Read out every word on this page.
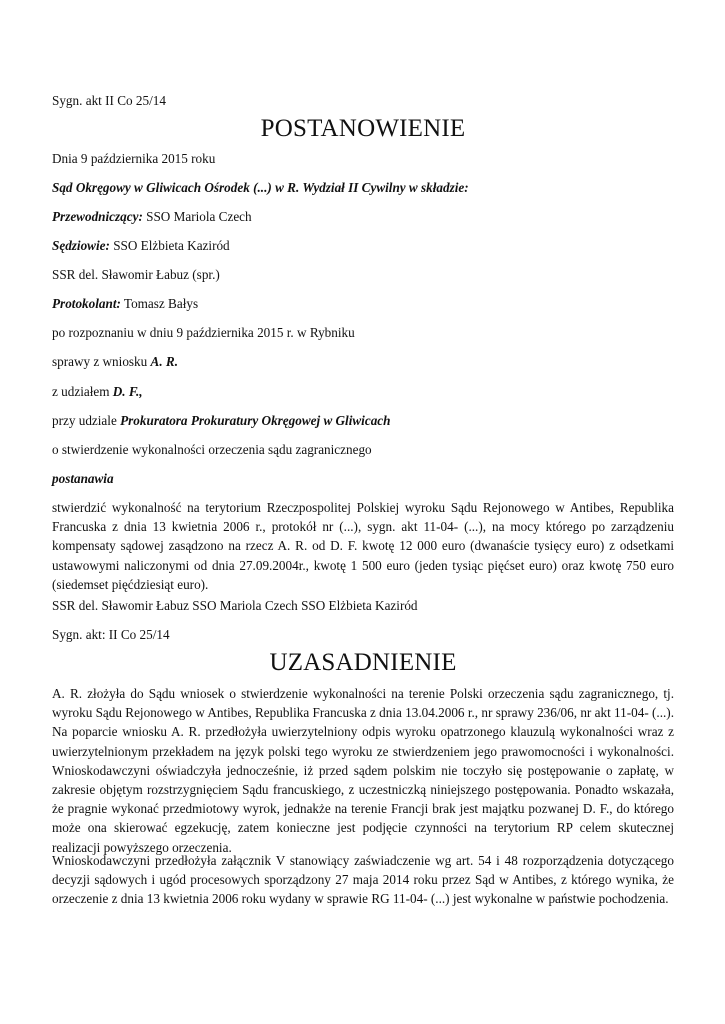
Sygn. akt II Co 25/14
POSTANOWIENIE
Dnia 9 października 2015 roku
Sąd Okręgowy w Gliwicach Ośrodek (...) w R. Wydział II Cywilny w składzie:
Przewodniczący: SSO Mariola Czech
Sędziowie: SSO Elżbieta Kaziród
SSR del. Sławomir Łabuz (spr.)
Protokolant: Tomasz Bałys
po rozpoznaniu w dniu 9 października 2015 r. w Rybniku
sprawy z wniosku A. R.
z udziałem D. F.,
przy udziale Prokuratora Prokuratury Okręgowej w Gliwicach
o stwierdzenie wykonalności orzeczenia sądu zagranicznego
postanawia
stwierdzić wykonalność na terytorium Rzeczpospolitej Polskiej wyroku Sądu Rejonowego w Antibes, Republika Francuska z dnia 13 kwietnia 2006 r., protokół nr (...), sygn. akt 11-04- (...), na mocy którego po zarządzeniu kompensaty sądowej zasądzono na rzecz A. R. od D. F. kwotę 12 000 euro (dwanaście tysięcy euro) z odsetkami ustawowymi naliczonymi od dnia 27.09.2004r., kwotę 1 500 euro (jeden tysiąc pięćset euro) oraz kwotę 750 euro (siedemset pięćdziesiąt euro).
SSR del. Sławomir Łabuz SSO Mariola Czech SSO Elżbieta Kaziród
Sygn. akt: II Co 25/14
UZASADNIENIE
A. R. złożyła do Sądu wniosek o stwierdzenie wykonalności na terenie Polski orzeczenia sądu zagranicznego, tj. wyroku Sądu Rejonowego w Antibes, Republika Francuska z dnia 13.04.2006 r., nr sprawy 236/06, nr akt 11-04- (...). Na poparcie wniosku A. R. przedłożyła uwierzytelniony odpis wyroku opatrzonego klauzulą wykonalności wraz z uwierzytelnionym przekładem na język polski tego wyroku ze stwierdzeniem jego prawomocności i wykonalności. Wnioskodawczyni oświadczyła jednocześnie, iż przed sądem polskim nie toczyło się postępowanie o zapłatę, w zakresie objętym rozstrzygnięciem Sądu francuskiego, z uczestniczką niniejszego postępowania. Ponadto wskazała, że pragnie wykonać przedmiotowy wyrok, jednakże na terenie Francji brak jest majątku pozwanej D. F., do którego może ona skierować egzekucję, zatem konieczne jest podjęcie czynności na terytorium RP celem skutecznej realizacji powyższego orzeczenia.
Wnioskodawczyni przedłożyła załącznik V stanowiący zaświadczenie wg art. 54 i 48 rozporządzenia dotyczącego decyzji sądowych i ugód procesowych sporządzony 27 maja 2014 roku przez Sąd w Antibes, z którego wynika, że orzeczenie z dnia 13 kwietnia 2006 roku wydany w sprawie RG 11-04- (...) jest wykonalne w państwie pochodzenia.
